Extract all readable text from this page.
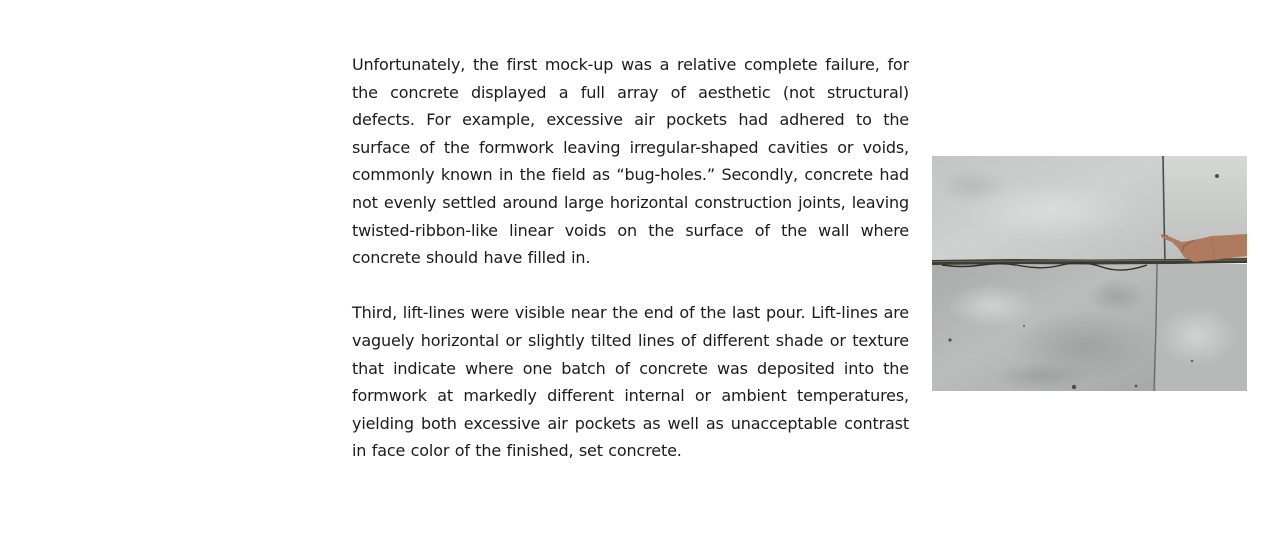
Unfortunately, the first mock-up was a relative complete failure, for the concrete displayed a full array of aesthetic (not structural) defects. For example, excessive air pockets had adhered to the surface of the formwork leaving irregular-shaped cavities or voids, commonly known in the field as “bug-holes.” Secondly, concrete had not evenly settled around large horizontal construction joints, leaving twisted-ribbon-like linear voids on the surface of the wall where concrete should have filled in.

Third, lift-lines were visible near the end of the last pour. Lift-lines are vaguely horizontal or slightly tilted lines of different shade or texture that indicate where one batch of concrete was deposited into the formwork at markedly different internal or ambient temperatures, yielding both excessive air pockets as well as unacceptable contrast in face color of the finished, set concrete.
